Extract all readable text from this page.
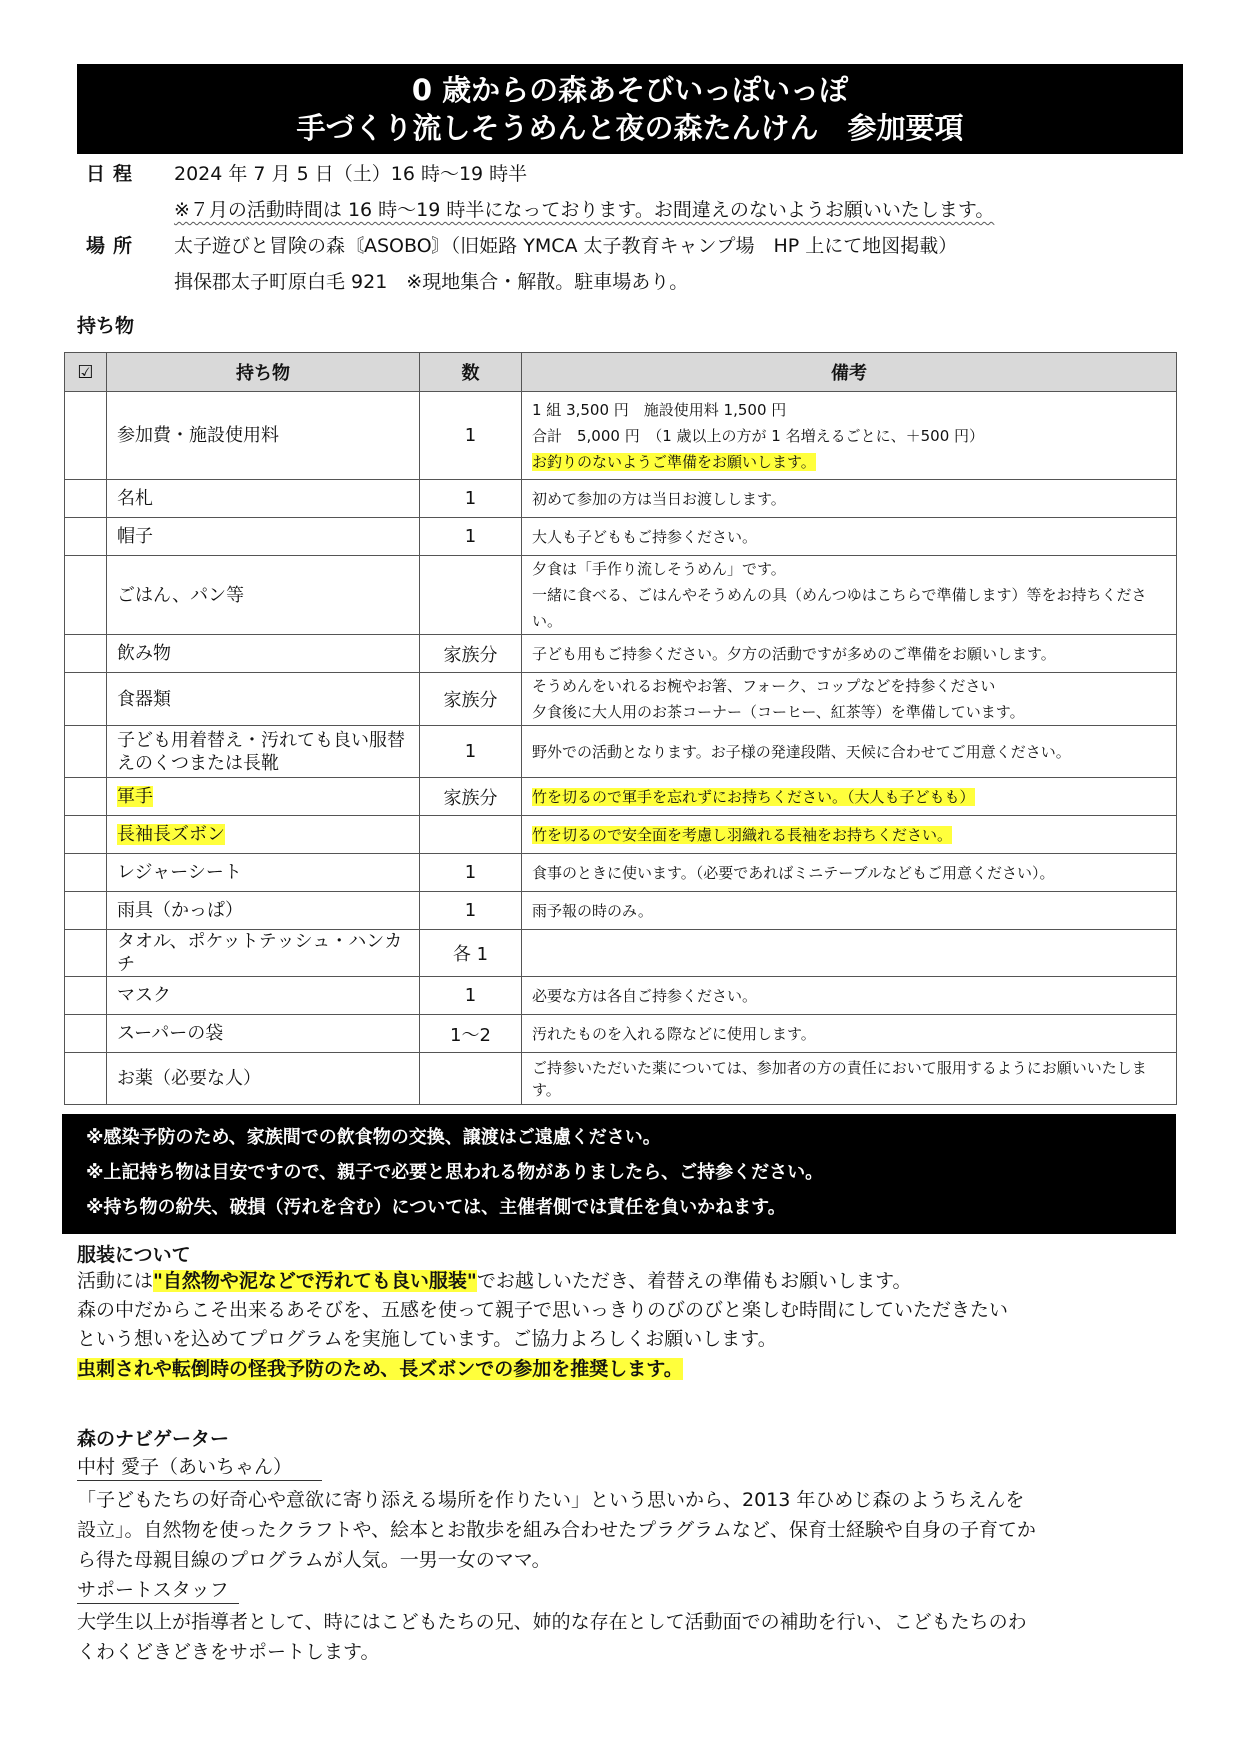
0 歳からの森あそびいっぽいっぽ
手づくり流しそうめんと夜の森たんけん　参加要項
日程 2024 年 7 月 5 日（土）16 時～19 時半
※７月の活動時間は 16 時～19 時半になっております。お間違えのないようお願いいたします。
場所 太子遊びと冒険の森〘ASOBO〙（旧姫路 YMCA 太子教育キャンプ場　HP 上にて地図掲載）
揖保郡太子町原白毛 921　※現地集合・解散。駐車場あり。
持ち物
☑	持ち物	数	備考
	参加費・施設使用料	1	1 組 3,500 円　施設使用料 1,500 円
合計　5,000 円　（1 歳以上の方が 1 名増えるごとに、＋500 円）
お釣りのないようご準備をお願いします。

	名札	1	初めて参加の方は当日お渡しします。

	帽子	1	大人も子どももご持参ください。

	ごはん、パン等		夕食は「手作り流しそうめん」です。
一緒に食べる、ごはんやそうめんの具（めんつゆはこちらで準備します）等をお持ちください。

	飲み物	家族分	子ども用もご持参ください。夕方の活動ですが多めのご準備をお願いします。

	食器類	家族分	そうめんをいれるお椀やお箸、フォーク、コップなどを持参ください
夕食後に大人用のお茶コーナー（コーヒー、紅茶等）を準備しています。

	子ども用着替え・汚れても良い服替えのくつまたは長靴	1	野外での活動となります。お子様の発達段階、天候に合わせてご用意ください。

	軍手	家族分	竹を切るので軍手を忘れずにお持ちください。（大人も子どもも）

	長袖長ズボン		竹を切るので安全面を考慮し羽織れる長袖をお持ちください。

	レジャーシート	1	食事のときに使います。（必要であればミニテーブルなどもご用意ください）。

	雨具（かっぱ）	1	雨予報の時のみ。

	タオル、ポケットテッシュ・ハンカチ	各 1	
	マスク	1	必要な方は各自ご持参ください。

	スーパーの袋	1～2	汚れたものを入れる際などに使用します。

	お薬（必要な人）		ご持参いただいた薬については、参加者の方の責任において服用するようにお願いいたします。
※感染予防のため、家族間での飲食物の交換、譲渡はご遠慮ください。
※上記持ち物は目安ですので、親子で必要と思われる物がありましたら、ご持参ください。
※持ち物の紛失、破損（汚れを含む）については、主催者側では責任を負いかねます。
服装について
活動には"自然物や泥などで汚れても良い服装"でお越しいただき、着替えの準備もお願いします。
森の中だからこそ出来るあそびを、五感を使って親子で思いっきりのびのびと楽しむ時間にしていただきたい
という想いを込めてプログラムを実施しています。ご協力よろしくお願いします。
虫刺されや転倒時の怪我予防のため、長ズボンでの参加を推奨します。
森のナビゲーター
中村 愛子（あいちゃん）
「子どもたちの好奇心や意欲に寄り添える場所を作りたい」という思いから、2013 年ひめじ森のようちえんを
設立」。自然物を使ったクラフトや、絵本とお散歩を組み合わせたプラグラムなど、保育士経験や自身の子育てか
ら得た母親目線のプログラムが人気。一男一女のママ。
サポートスタッフ
大学生以上が指導者として、時にはこどもたちの兄、姉的な存在として活動面での補助を行い、こどもたちのわ
くわくどきどきをサポートします。
